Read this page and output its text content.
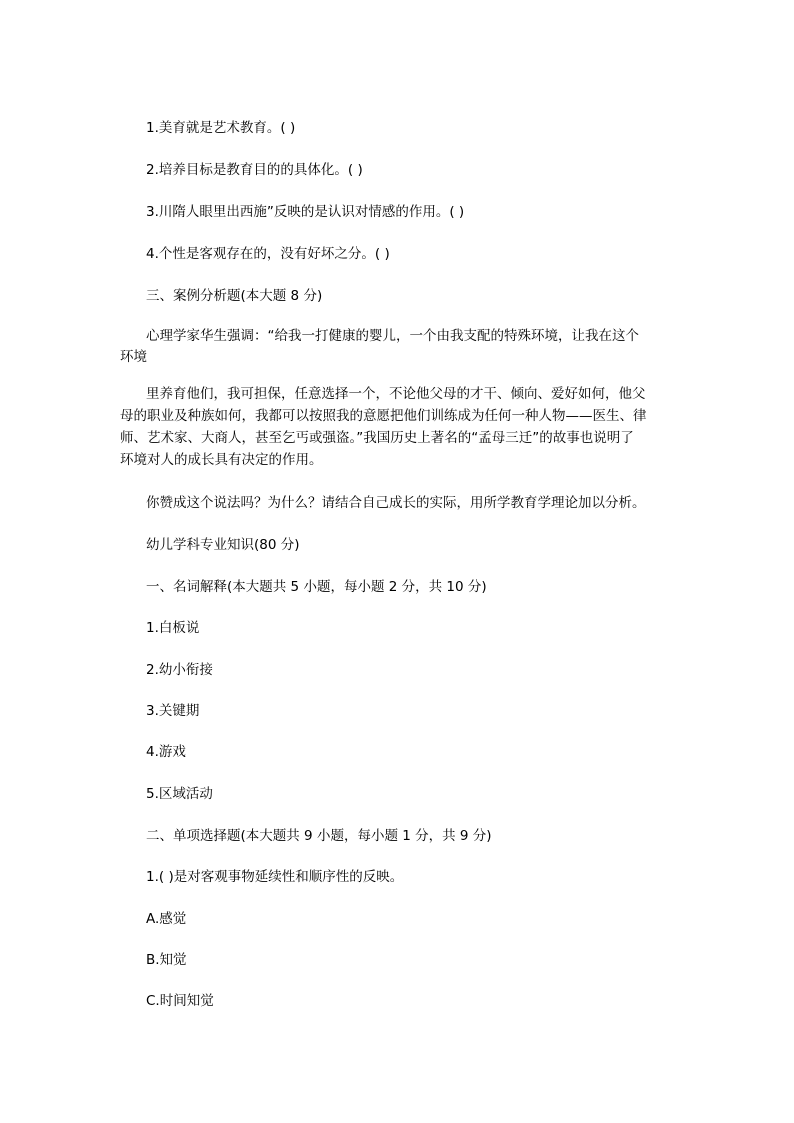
1.美育就是艺术教育。( )
2.培养目标是教育目的的具体化。( )
3.川隋人眼里出西施”反映的是认识对情感的作用。( )
4.个性是客观存在的，没有好坏之分。( )
三、案例分析题(本大题 8 分)
心理学家华生强调：“给我一打健康的婴儿，一个由我支配的特殊环境，让我在这个
环境
里养育他们，我可担保，任意选择一个，不论他父母的才干、倾向、爱好如何，他父
母的职业及种族如何，我都可以按照我的意愿把他们训练成为任何一种人物——医生、律
师、艺术家、大商人，甚至乞丐或强盗。”我国历史上著名的“孟母三迁”的故事也说明了
环境对人的成长具有决定的作用。
你赞成这个说法吗？为什么？请结合自己成长的实际，用所学教育学理论加以分析。
幼儿学科专业知识(80 分)
一、名词解释(本大题共 5 小题，每小题 2 分，共 10 分)
1.白板说
2.幼小衔接
3.关键期
4.游戏
5.区域活动
二、单项选择题(本大题共 9 小题，每小题 1 分，共 9 分)
1.( )是对客观事物延续性和顺序性的反映。
A.感觉
B.知觉
C.时间知觉
